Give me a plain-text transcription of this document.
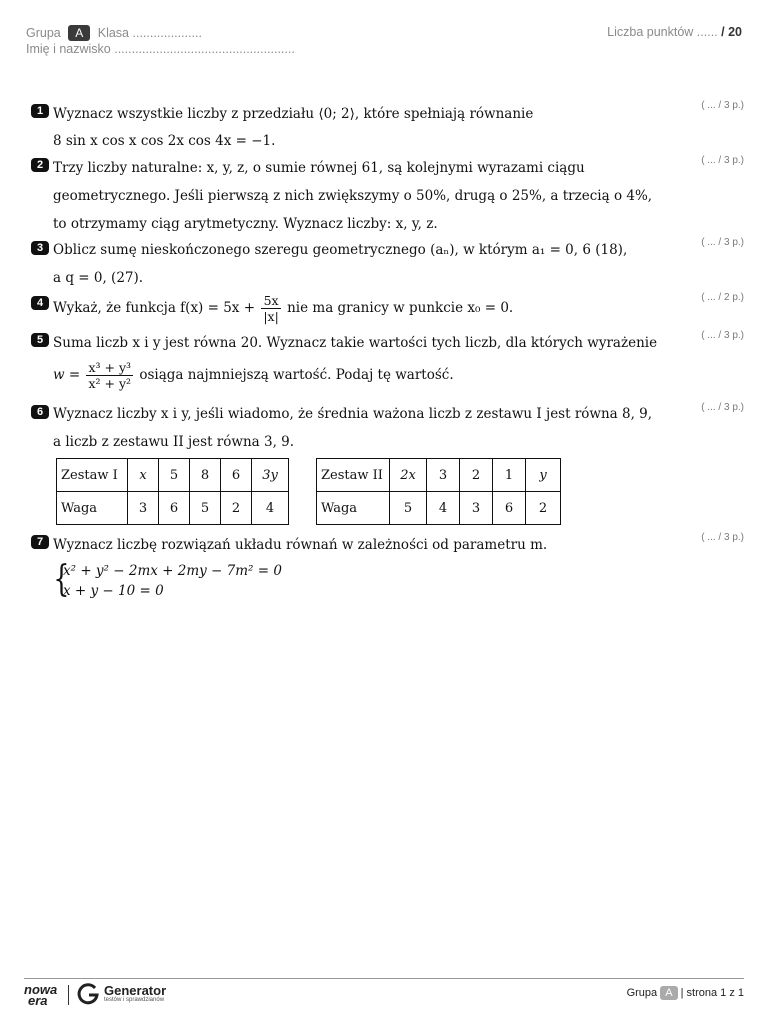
Grupa A Klasa ....................
Imię i nazwisko ....................................................
Liczba punktów ...... / 20
1	( ... / 3 p.)
Wyznacz wszystkie liczby z przedziału ⟨0; 2⟩, które spełniają równanie
8 sin x cos x cos 2x cos 4x = −1.
2	( ... / 3 p.)
Trzy liczby naturalne: x, y, z, o sumie równej 61, są kolejnymi wyrazami ciągu
geometrycznego. Jeśli pierwszą z nich zwiększymy o 50%, drugą o 25%, a trzecią o 4%,
to otrzymamy ciąg arytmetyczny. Wyznacz liczby: x, y, z.
3	( ... / 3 p.)
Oblicz sumę nieskończonego szeregu geometrycznego (aₙ), w którym a₁ = 0, 6 (18),
a q = 0, (27).
4	( ... / 2 p.)
Wykaż, że funkcja $f(x) = 5x + \frac{5x}{|x|}$ nie ma granicy w punkcie x₀ = 0.
5	( ... / 3 p.)
Suma liczb x i y jest równa 20. Wyznacz takie wartości tych liczb, dla których wyrażenie
$w = \frac{\text{x³ + y³}}{\text{x² + y²}}$ osiąga najmniejszą wartość. Podaj tę wartość.
6	( ... / 3 p.)
Wyznacz liczby x i y, jeśli wiadomo, że średnia ważona liczb z zestawu I jest równa 8, 9,
a liczb z zestawu II jest równa 3, 9.
Zestaw I	x	5	8	6	3y
Waga	3	6	5	2	4
Zestaw II	2x	3	2	1	y
Waga	5	4	3	6	2
7	( ... / 3 p.)
Wyznacz liczbę rozwiązań układu równań w zależności od parametru m.
{
x² + y² − 2mx + 2my − 7m² = 0
x + y − 10 = 0
nowa
era
Generator
testów i sprawdzianów
Grupa A | strona 1 z 1
